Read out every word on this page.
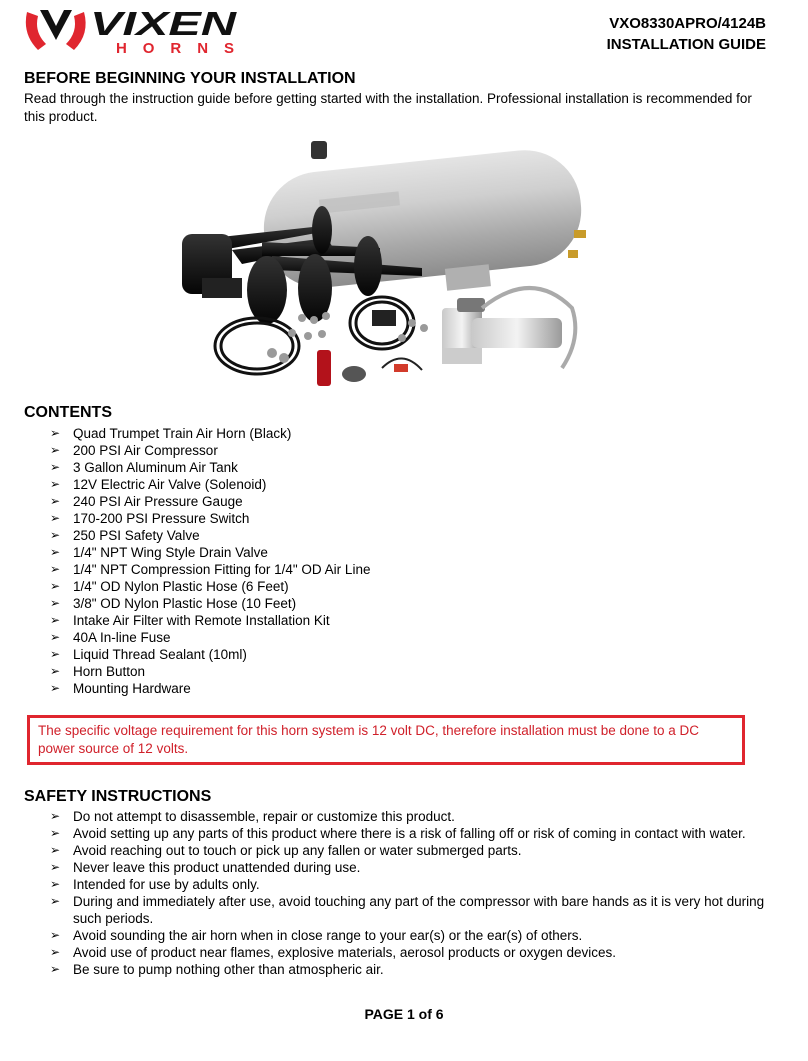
VIXEN
HORNS
VXO8330APRO/4124B
INSTALLATION GUIDE
BEFORE BEGINNING YOUR INSTALLATION

Read through the instruction guide before getting started with the installation. Professional installation is recommended for this product.

CONTENTS
➢ Quad Trumpet Train Air Horn (Black)
➢ 200 PSI Air Compressor
➢ 3 Gallon Aluminum Air Tank
➢ 12V Electric Air Valve (Solenoid)
➢ 240 PSI Air Pressure Gauge
➢ 170-200 PSI Pressure Switch
➢ 250 PSI Safety Valve
➢ 1/4" NPT Wing Style Drain Valve
➢ 1/4" NPT Compression Fitting for 1/4" OD Air Line
➢ 1/4" OD Nylon Plastic Hose (6 Feet)
➢ 3/8" OD Nylon Plastic Hose (10 Feet)
➢ Intake Air Filter with Remote Installation Kit
➢ 40A In-line Fuse
➢ Liquid Thread Sealant (10ml)
➢ Horn Button
➢ Mounting Hardware
The specific voltage requirement for this horn system is 12 volt DC, therefore installation must be done to a DC power source of 12 volts.
SAFETY INSTRUCTIONS
➢ Do not attempt to disassemble, repair or customize this product.
➢ Avoid setting up any parts of this product where there is a risk of falling off or risk of coming in contact with water.
➢ Avoid reaching out to touch or pick up any fallen or water submerged parts.
➢ Never leave this product unattended during use.
➢ Intended for use by adults only.
➢ During and immediately after use, avoid touching any part of the compressor with bare hands as it is very hot during such periods.
➢ Avoid sounding the air horn when in close range to your ear(s) or the ear(s) of others.
➢ Avoid use of product near flames, explosive materials, aerosol products or oxygen devices.
➢ Be sure to pump nothing other than atmospheric air.
PAGE 1 of 6
